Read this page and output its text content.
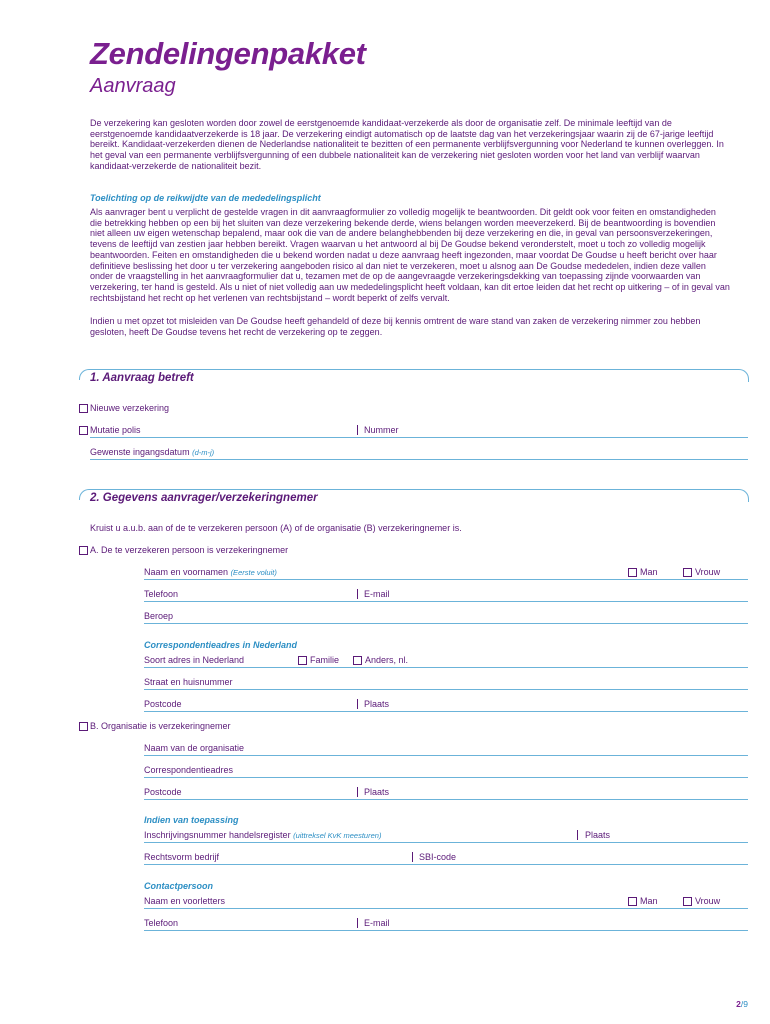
Zendelingenpakket
Aanvraag

De verzekering kan gesloten worden door zowel de eerstgenoemde kandidaat-verzekerde als door de organisatie zelf. De minimale leeftijd van de eerstgenoemde kandidaatverzekerde is 18 jaar. De verzekering eindigt automatisch op de laatste dag van het verzekeringsjaar waarin zij de 67-jarige leeftijd bereikt. Kandidaat-verzekerden dienen de Nederlandse nationaliteit te bezitten of een permanente verblijfsvergunning voor Nederland te kunnen overleggen. In het geval van een permanente verblijfsvergunning of een dubbele nationaliteit kan de verzekering niet gesloten worden voor het land van verblijf waarvan kandidaat-verzekerde de nationaliteit bezit.

Toelichting op de reikwijdte van de mededelingsplicht

Als aanvrager bent u verplicht de gestelde vragen in dit aanvraagformulier zo volledig mogelijk te beantwoorden. Dit geldt ook voor feiten en omstandigheden die betrekking hebben op een bij het sluiten van deze verzekering bekende derde, wiens belangen worden meeverzekerd. Bij de beantwoording is bovendien niet alleen uw eigen wetenschap bepalend, maar ook die van de andere belanghebbenden bij deze verzekering en die, in geval van persoonsverzekeringen, tevens de leeftijd van zestien jaar hebben bereikt. Vragen waarvan u het antwoord al bij De Goudse bekend veronderstelt, moet u toch zo volledig mogelijk beantwoorden. Feiten en omstandigheden die u bekend worden nadat u deze aanvraag heeft ingezonden, maar voordat De Goudse u heeft bericht over haar definitieve beslissing het door u ter verzekering aangeboden risico al dan niet te verzekeren, moet u alsnog aan De Goudse mededelen, indien deze vallen onder de vraagstelling in het aanvraagformulier dat u, tezamen met de op de aangevraagde verzekeringsdekking van toepassing zijnde voorwaarden van verzekering, ter hand is gesteld. Als u niet of niet volledig aan uw mededelingsplicht heeft voldaan, kan dit ertoe leiden dat het recht op uitkering – of in geval van rechtsbijstand het recht op het verlenen van rechtsbijstand – wordt beperkt of zelfs vervalt.

Indien u met opzet tot misleiden van De Goudse heeft gehandeld of deze bij kennis omtrent de ware stand van zaken de verzekering nimmer zou hebben gesloten, heeft De Goudse tevens het recht de verzekering op te zeggen.

1. Aanvraag betreft
Nieuwe verzekering
Mutatie polis	Nummer
Gewenste ingangsdatum (d-m-j)
2. Gegevens aanvrager/verzekeringnemer
Kruist u a.u.b. aan of de te verzekeren persoon (A) of de organisatie (B) verzekeringnemer is.
A. De te verzekeren persoon is verzekeringnemer
Naam en voornamen (Eerste voluit)	Man	Vrouw
Telefoon	E-mail
Beroep
Correspondentieadres in Nederland
Soort adres in Nederland	Familie	Anders, nl.
Straat en huisnummer
Postcode	Plaats
B. Organisatie is verzekeringnemer
Naam van de organisatie
Correspondentieadres
Postcode	Plaats
Indien van toepassing
Inschrijvingsnummer handelsregister (uittreksel KvK meesturen)	Plaats
Rechtsvorm bedrijf	SBI-code
Contactpersoon
Naam en voorletters	Man	Vrouw
Telefoon	E-mail
2/9
